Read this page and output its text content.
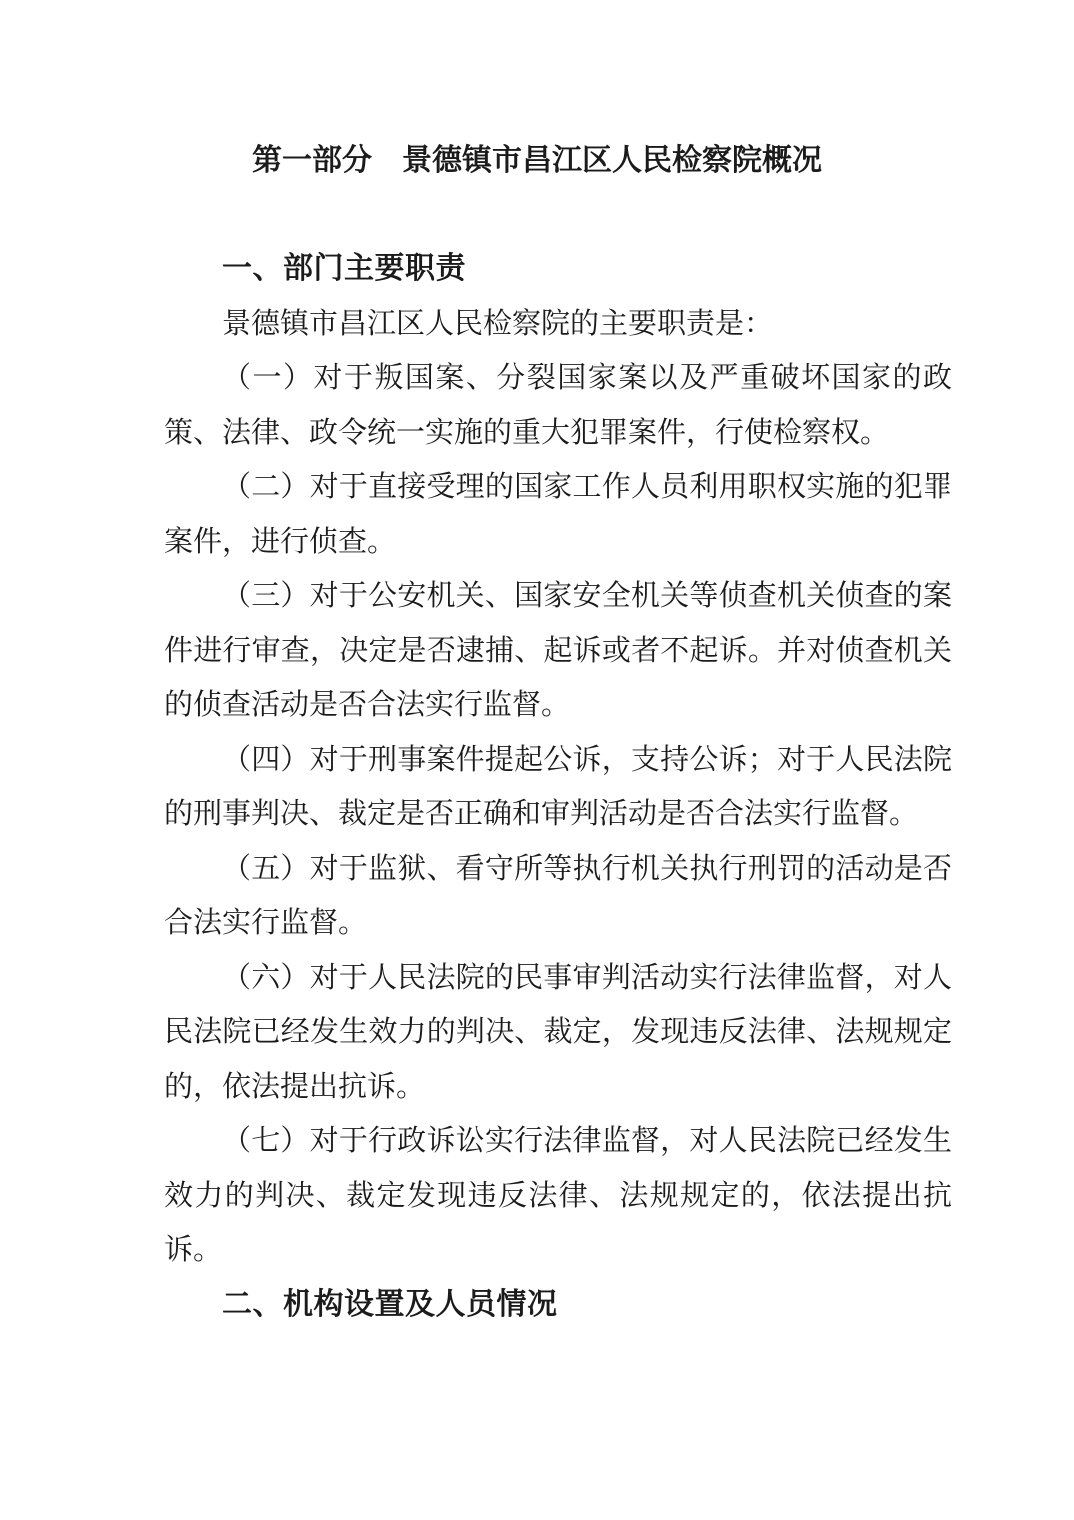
第一部分　景德镇市昌江区人民检察院概况
一、部门主要职责

景德镇市昌江区人民检察院的主要职责是：

（一）对于叛国案、分裂国家案以及严重破坏国家的政策、法律、政令统一实施的重大犯罪案件，行使检察权。

（二）对于直接受理的国家工作人员利用职权实施的犯罪案件，进行侦查。

（三）对于公安机关、国家安全机关等侦查机关侦查的案件进行审查，决定是否逮捕、起诉或者不起诉。并对侦查机关的侦查活动是否合法实行监督。

（四）对于刑事案件提起公诉，支持公诉；对于人民法院的刑事判决、裁定是否正确和审判活动是否合法实行监督。

（五）对于监狱、看守所等执行机关执行刑罚的活动是否合法实行监督。

（六）对于人民法院的民事审判活动实行法律监督，对人民法院已经发生效力的判决、裁定，发现违反法律、法规规定的，依法提出抗诉。

（七）对于行政诉讼实行法律监督，对人民法院已经发生效力的判决、裁定发现违反法律、法规规定的，依法提出抗诉。

二、机构设置及人员情况
